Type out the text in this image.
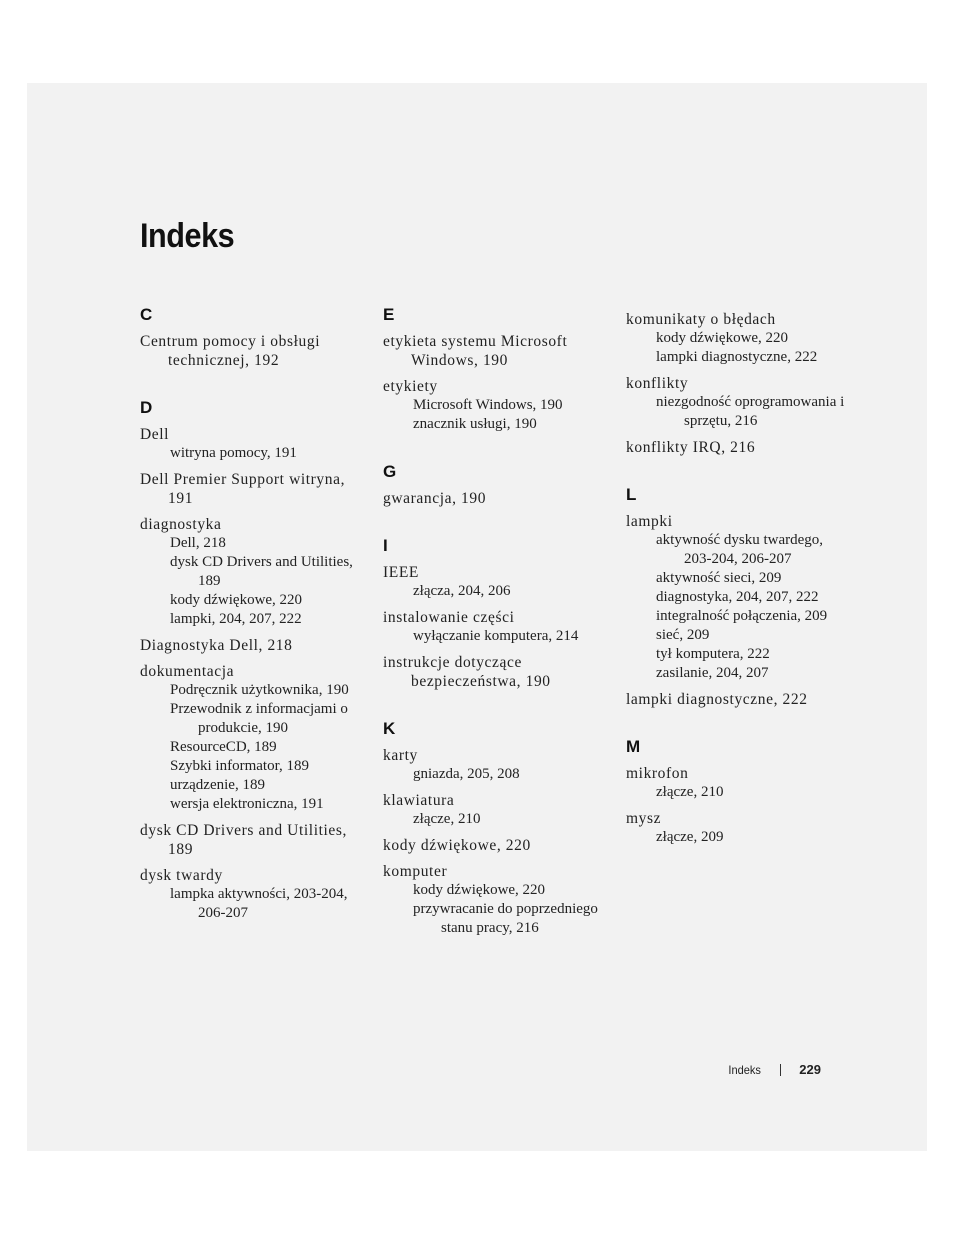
Indeks
C
Centrum pomocy i obsługi technicznej, 192
D
Dell
witryna pomocy, 191
Dell Premier Support witryna, 191
diagnostyka
Dell, 218
dysk CD Drivers and Utilities, 189
kody dźwiękowe, 220
lampki, 204, 207, 222
Diagnostyka Dell, 218
dokumentacja
Podręcznik użytkownika, 190
Przewodnik z informacjami o produkcie, 190
ResourceCD, 189
Szybki informator, 189
urządzenie, 189
wersja elektroniczna, 191
dysk CD Drivers and Utilities, 189
dysk twardy
lampka aktywności, 203-204, 206-207
E
etykieta systemu Microsoft Windows, 190
etykiety
Microsoft Windows, 190
znacznik usługi, 190
G
gwarancja, 190
I
IEEE
złącza, 204, 206
instalowanie części
wyłączanie komputera, 214
instrukcje dotyczące bezpieczeństwa, 190
K
karty
gniazda, 205, 208
klawiatura
złącze, 210
kody dźwiękowe, 220
komputer
kody dźwiękowe, 220
przywracanie do poprzedniego stanu pracy, 216
komunikaty o błędach
kody dźwiękowe, 220
lampki diagnostyczne, 222
konflikty
niezgodność oprogramowania i sprzętu, 216
konflikty IRQ, 216
L
lampki
aktywność dysku twardego, 203-204, 206-207
aktywność sieci, 209
diagnostyka, 204, 207, 222
integralność połączenia, 209
sieć, 209
tył komputera, 222
zasilanie, 204, 207
lampki diagnostyczne, 222
M
mikrofon
złącze, 210
mysz
złącze, 209
Indeks	229
